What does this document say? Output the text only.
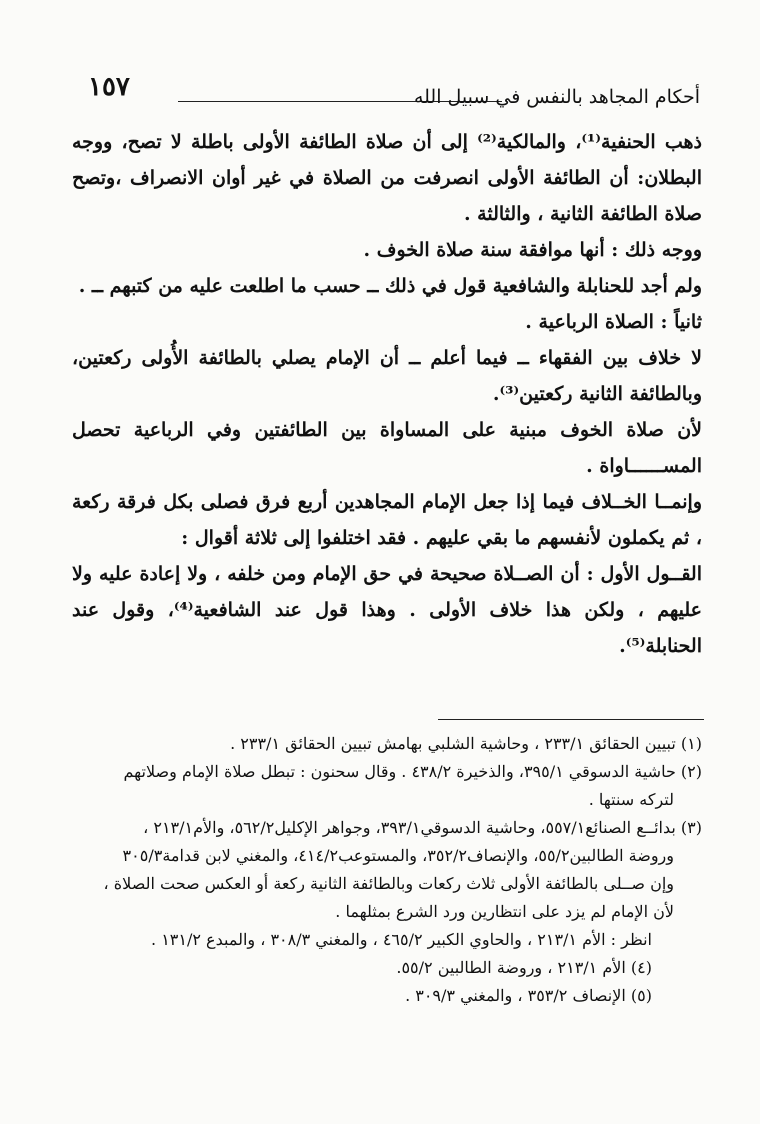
١٥٧	أحكام المجاهد بالنفس في سبيل الله

ذهب الحنفية⁽¹⁾، والمالكية⁽²⁾ إلى أن صلاة الطائفة الأولى باطلة لا تصح، ووجه البطلان: أن الطائفة الأولى انصرفت من الصلاة في غير أوان الانصراف ،وتصح صلاة الطائفة الثانية ، والثالثة .

ووجه ذلك : أنها موافقة سنة صلاة الخوف .

ولم أجد للحنابلة والشافعية قول في ذلك ــ حسب ما اطلعت عليه من كتبهم ــ .

ثانياً : الصلاة الرباعية .

لا خلاف بين الفقهاء ــ فيما أعلم ــ أن الإمام يصلي بالطائفة الأُولى ركعتين، وبالطائفة الثانية ركعتين⁽³⁾.

لأن صلاة الخوف مبنية على المساواة بين الطائفتين وفي الرباعية تحصل المســــــاواة .

وإنمــا الخــلاف فيما إذا جعل الإمام المجاهدين أربع فرق فصلى بكل فرقة ركعة ، ثم يكملون لأنفسهم ما بقي عليهم . فقد اختلفوا إلى ثلاثة أقوال :

القــول الأول : أن الصــلاة صحيحة في حق الإمام ومن خلفه ، ولا إعادة عليه ولا عليهم ، ولكن هذا خلاف الأولى . وهذا قول عند الشافعية⁽⁴⁾، وقول عند الحنابلة⁽⁵⁾.

(١) تبيين الحقائق ٢٣٣/١ ، وحاشية الشلبي بهامش تبيين الحقائق ٢٣٣/١ .

(٢) حاشية الدسوقي ٣٩٥/١، والذخيرة ٤٣٨/٢ . وقال سحنون : تبطل صلاة الإمام وصلاتهم

لتركه سنتها .

(٣) بدائــع الصنائع٥٥٧/١، وحاشية الدسوقي٣٩٣/١، وجواهر الإكليل٥٦٢/٢، والأم٢١٣/١ ،

وروضة الطالبين٥٥/٢، والإنصاف٣٥٢/٢، والمستوعب٤١٤/٢، والمغني لابن قدامة٣٠٥/٣

وإن صــلى بالطائفة الأولى ثلاث ركعات وبالطائفة الثانية ركعة أو العكس صحت الصلاة ،

لأن الإمام لم يزد على انتظارين ورد الشرع بمثلهما .

انظر : الأم ٢١٣/١ ، والحاوي الكبير ٤٦٥/٢ ، والمغني ٣٠٨/٣ ، والمبدع ١٣١/٢ .

(٤) الأم ٢١٣/١ ، وروضة الطالبين ٥٥/٢.

(٥) الإنصاف ٣٥٣/٢ ، والمغني ٣٠٩/٣ .
